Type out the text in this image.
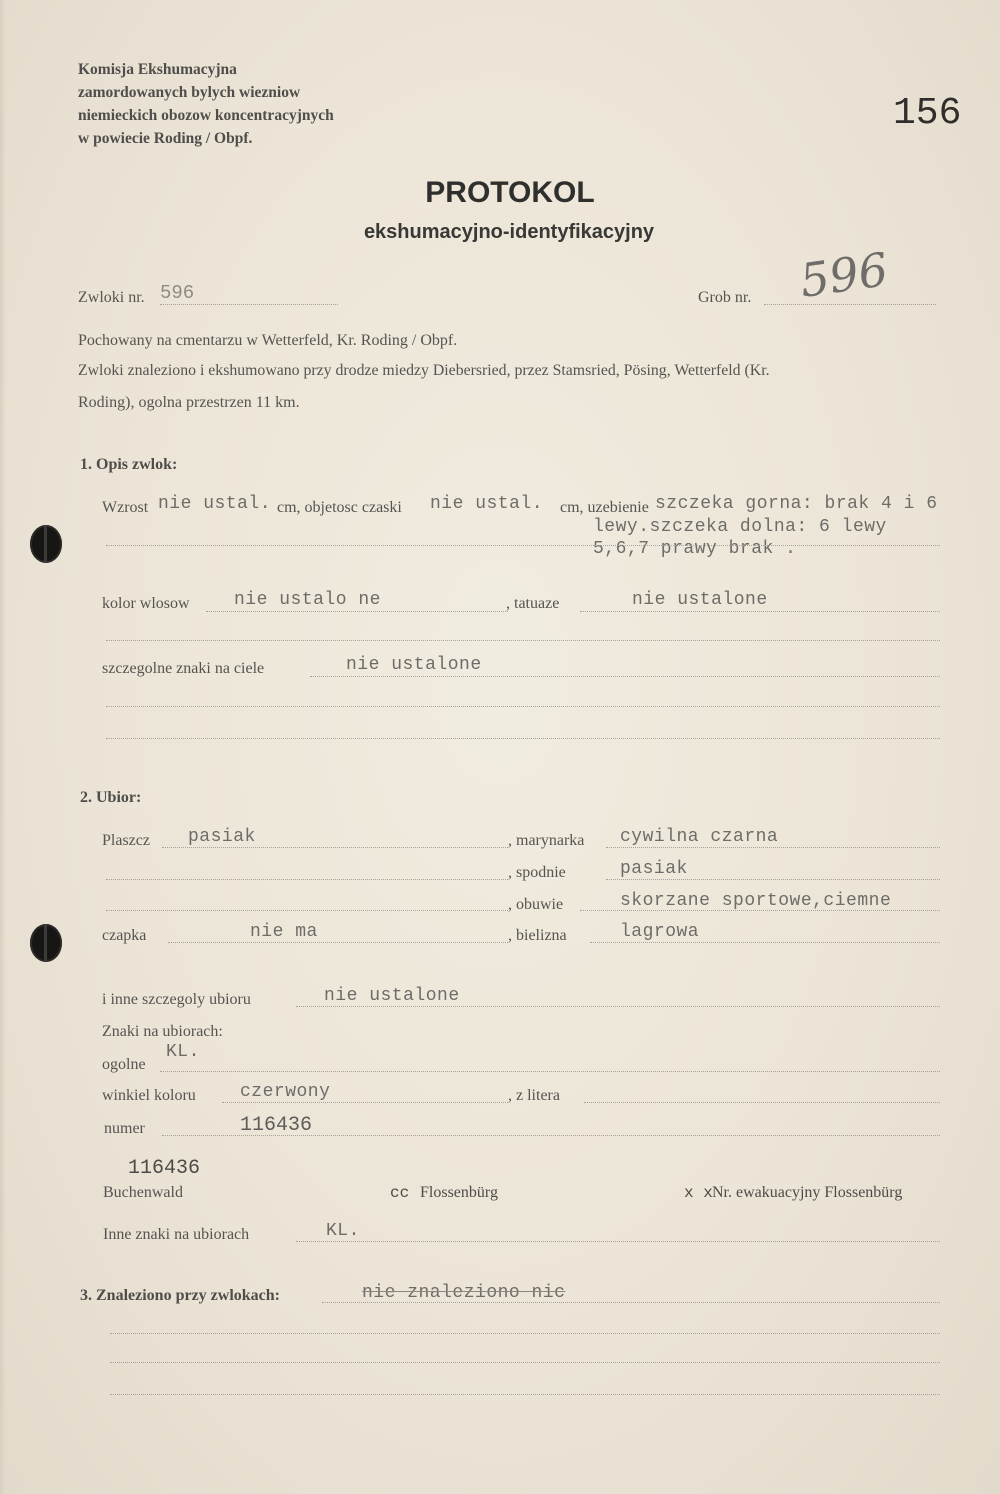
Komisja Ekshumacyjna
zamordowanych bylych wiezniow
niemieckich obozow koncentracyjnych
w powiecie Roding / Obpf.
156
PROTOKOL
ekshumacyjno-identyfikacyjny
Zwloki nr. 596	Grob nr. 596
Pochowany na cmentarzu w Wetterfeld, Kr. Roding / Obpf.
Zwloki znaleziono i ekshumowano przy drodze miedzy Diebersried, przez Stamsried, Pösing, Wetterfeld (Kr.
Roding), ogolna przestrzen 11 km.
1. Opis zwlok:
Wzrost nie ustal. cm, objetosc czaski nie ustal. cm, uzebienie szczeka gorna: brak 4 i 6
lewy.szczeka dolna: 6 lewy
5,6,7 prawy brak .
kolor wlosow nie ustalo ne	, tatuaze	nie ustalone
szczegolne znaki na ciele	nie ustalone
2. Ubior:
Plaszcz pasiak	, marynarka cywilna czarna
, spodnie	pasiak
, obuwie	skorzane sportowe,ciemne
czapka	nie ma	, bielizna	lagrowa
i inne szczegoly ubioru	nie ustalone
Znaki na ubiorach:
ogolne
KL.
winkiel koloru czerwony	, z litera
numer	116436
116436
Buchenwald	cc Flossenbürg	x x Nr. ewakuacyjny Flossenbürg
Inne znaki na ubiorach	KL.
3. Znaleziono przy zwlokach:	nie znaleziono nic
